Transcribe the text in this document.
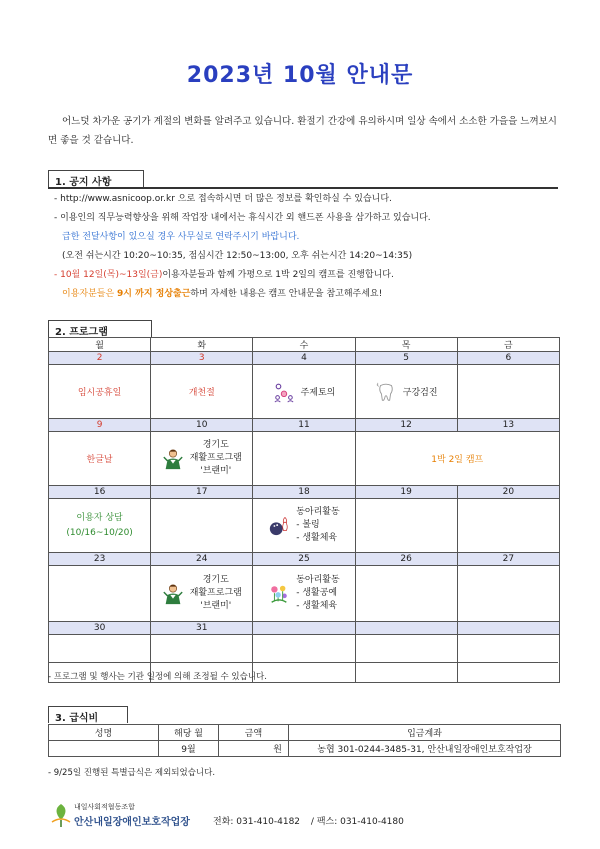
2023년 10월 안내문
어느덧 차가운 공기가 계절의 변화를 알려주고 있습니다. 환절기 간강에 유의하시며 일상 속에서 소소한 가을을 느껴보시면 좋을 것 같습니다.
1. 공지 사항
- http://www.asnicoop.or.kr 으로 접속하시면 더 많은 정보를 확인하실 수 있습니다.
- 이용인의 직무능력향상을 위해 작업장 내에서는 휴식시간 외 핸드폰 사용을 삼가하고 있습니다.
급한 전달사항이 있으실 경우 사무실로 연락주시기 바랍니다.
(오전 쉬는시간 10:20~10:35, 점심시간 12:50~13:00, 오후 쉬는시간 14:20~14:35)
- 10월 12일(목)~13일(금)이용자분들과 함께 가평으로 1박 2일의 캠프를 진행합니다.
이용자분들은 9시 까지 정상출근하며 자세한 내용은 캠프 안내문을 참고해주세요!
2. 프로그램
월	화	수	목	금
2	3	4	5	6
임시공휴일	개천절	주제토의	구강검진	

9	10	11	12	13
한글날	경기도
재활프로그램
'브랜미'		1박 2일 캠프	
16	17	18	19	20
이용자 상담
(10/16~10/20)		동아리활동
- 볼링
- 생활체육		

23	24	25	26	27

	경기도
재활프로그램
'브랜미'	동아리활동
- 생활공예
- 생활체육		

30	31			

- 프로그램 및 행사는 기관 일정에 의해 조정될 수 있습니다.
3. 급식비
성명	해당 월	금액	입금계좌
	9월	원	농협 301-0244-3485-31, 안산내일장애인보호작업장
- 9/25일 진행된 특별급식은 제외되었습니다.
내일사회적협동조합
안산내일장애인보호작업장	전화: 031-410-4182 / 팩스: 031-410-4180
